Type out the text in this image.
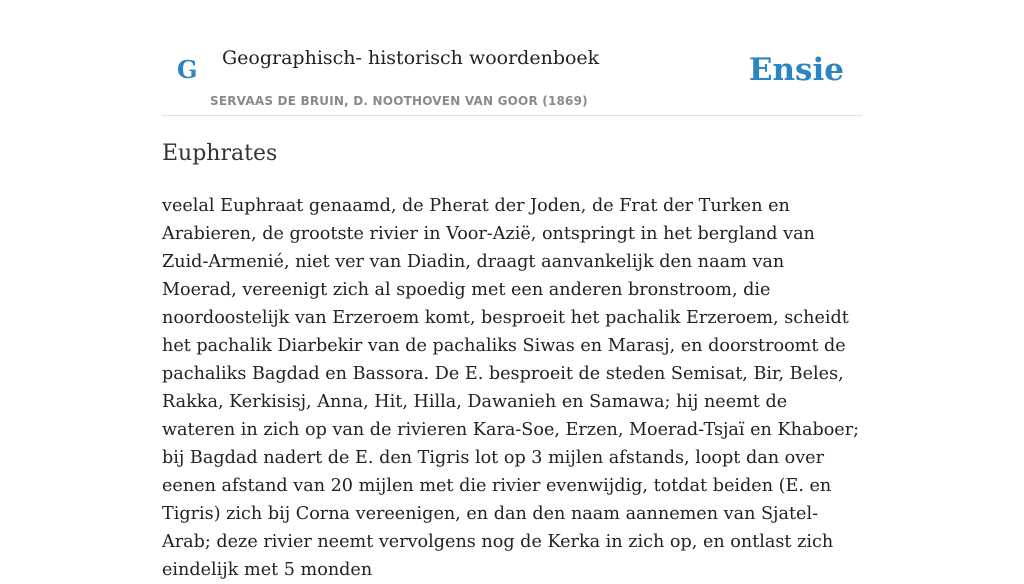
G Geographisch- historisch woordenboek
SERVAAS DE BRUIN, D. NOOTHOVEN VAN GOOR (1869)
Ensie
Euphrates

veelal Euphraat genaamd, de Pherat der Joden, de Frat der Turken en Arabieren, de grootste rivier in Voor-Azië, ontspringt in het bergland van Zuid-Armenié, niet ver van Diadin, draagt aanvankelijk den naam van Moerad, vereenigt zich al spoedig met een anderen bronstroom, die noordoostelijk van Erzeroem komt, besproeit het pachalik Erzeroem, scheidt het pachalik Diarbekir van de pachaliks Siwas en Marasj, en doorstroomt de pachaliks Bagdad en Bassora. De E. besproeit de steden Semisat, Bir, Beles, Rakka, Kerkisisj, Anna, Hit, Hilla, Dawanieh en Samawa; hij neemt de wateren in zich op van de rivieren Kara-Soe, Erzen, Moerad-Tsjaï en Khaboer; bij Bagdad nadert de E. den Tigris lot op 3 mijlen afstands, loopt dan over eenen afstand van 20 mijlen met die rivier evenwijdig, totdat beiden (E. en Tigris) zich bij Corna vereenigen, en dan den naam aannemen van Sjatel-Arab; deze rivier neemt vervolgens nog de Kerka in zich op, en ontlast zich eindelijk met 5 monden
